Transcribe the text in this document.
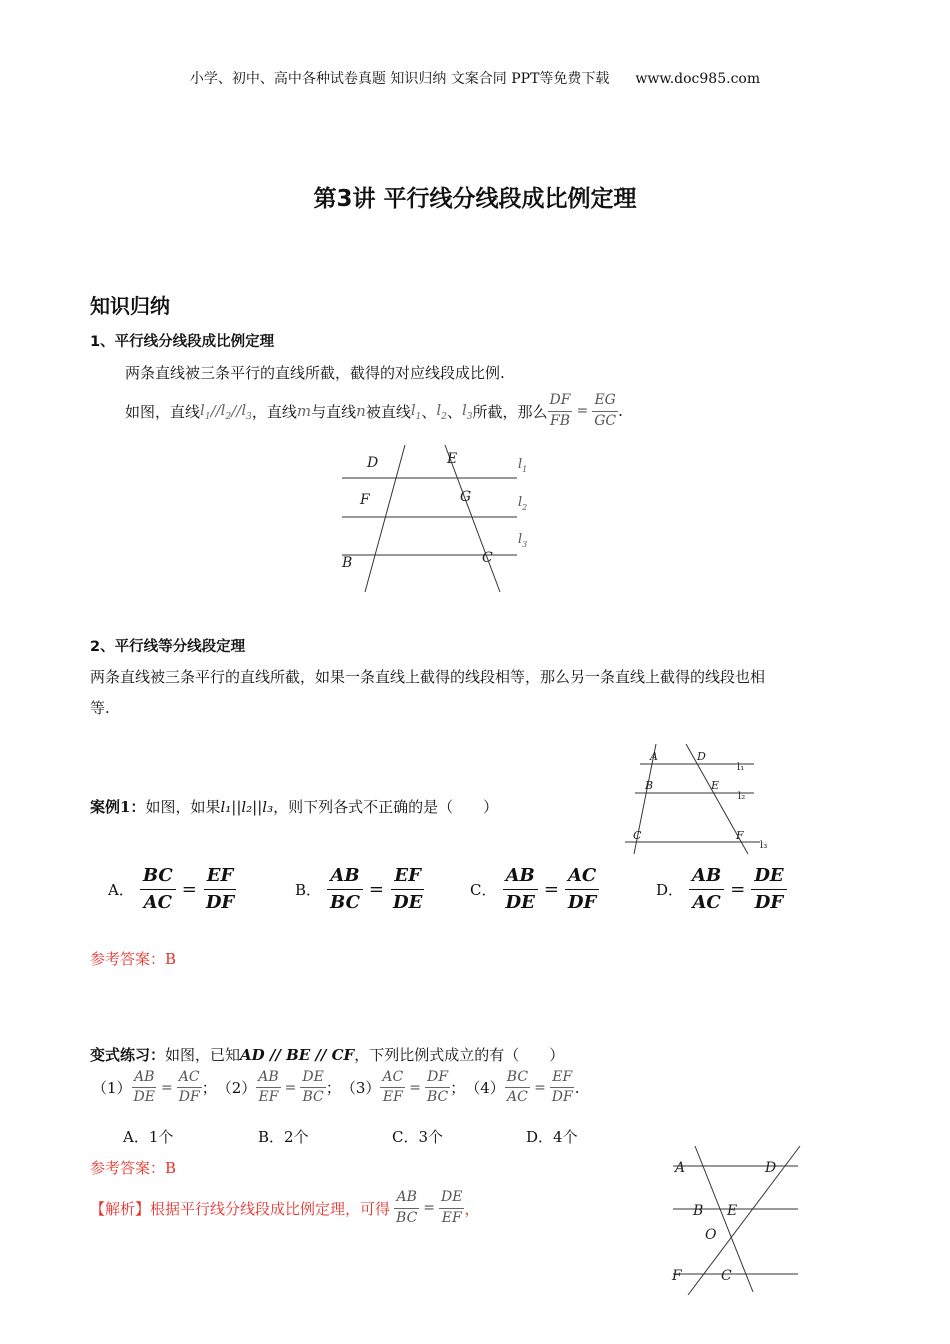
小学、初中、高中各种试卷真题 知识归纳 文案合同 PPT等免费下载 www.doc985.com
第3讲 平行线分线段成比例定理
知识归纳
1、平行线分线段成比例定理
两条直线被三条平行的直线所截，截得的对应线段成比例.
如图，直线 $l_1 // l_2 // l_3$ ，直线 m 与直线 n 被直线 $l_1$ 、 $l_2$ 、 $l_3$ 所截，那么 $\frac{DF}{FB} = \frac{EG}{GC}$ .
D	E
F	G
B	C
$l_1$
$l_2$
$l_3$
2、平行线等分线段定理
两条直线被三条平行的直线所截，如果一条直线上截得的线段相等，那么另一条直线上截得的线段也相
等.
案例1：如图，如果l₁||l₂||l₃，则下列各式不正确的是（　　）
A	D
B	E
C	F
l₁
l₂
l₃
A． $\frac{BC}{AC} = \frac{EF}{DF}$	B． $\frac{AB}{BC} = \frac{EF}{DE}$	C． $\frac{AB}{DE} = \frac{AC}{DF}$	D． $\frac{AB}{AC} = \frac{DE}{DF}$
参考答案：B
变式练习：如图，已知AD // BE // CF，下列比例式成立的有（　　）
$(1) \frac{AB}{DE} = \frac{AC}{DF}$ ； $(2) \frac{AB}{EF} = \frac{DE}{BC}$ ； $(3) \frac{AC}{EF} = \frac{DF}{BC}$ ； $(4) \frac{BC}{AC} = \frac{EF}{DF}$ .
A．1个	B．2个	C．3个	D．4个
参考答案：B
【解析】 根据平行线分线段成比例定理，可得 $\frac{AB}{BC} = \frac{DE}{EF}$ ，
A	D
B E
O
F	C
